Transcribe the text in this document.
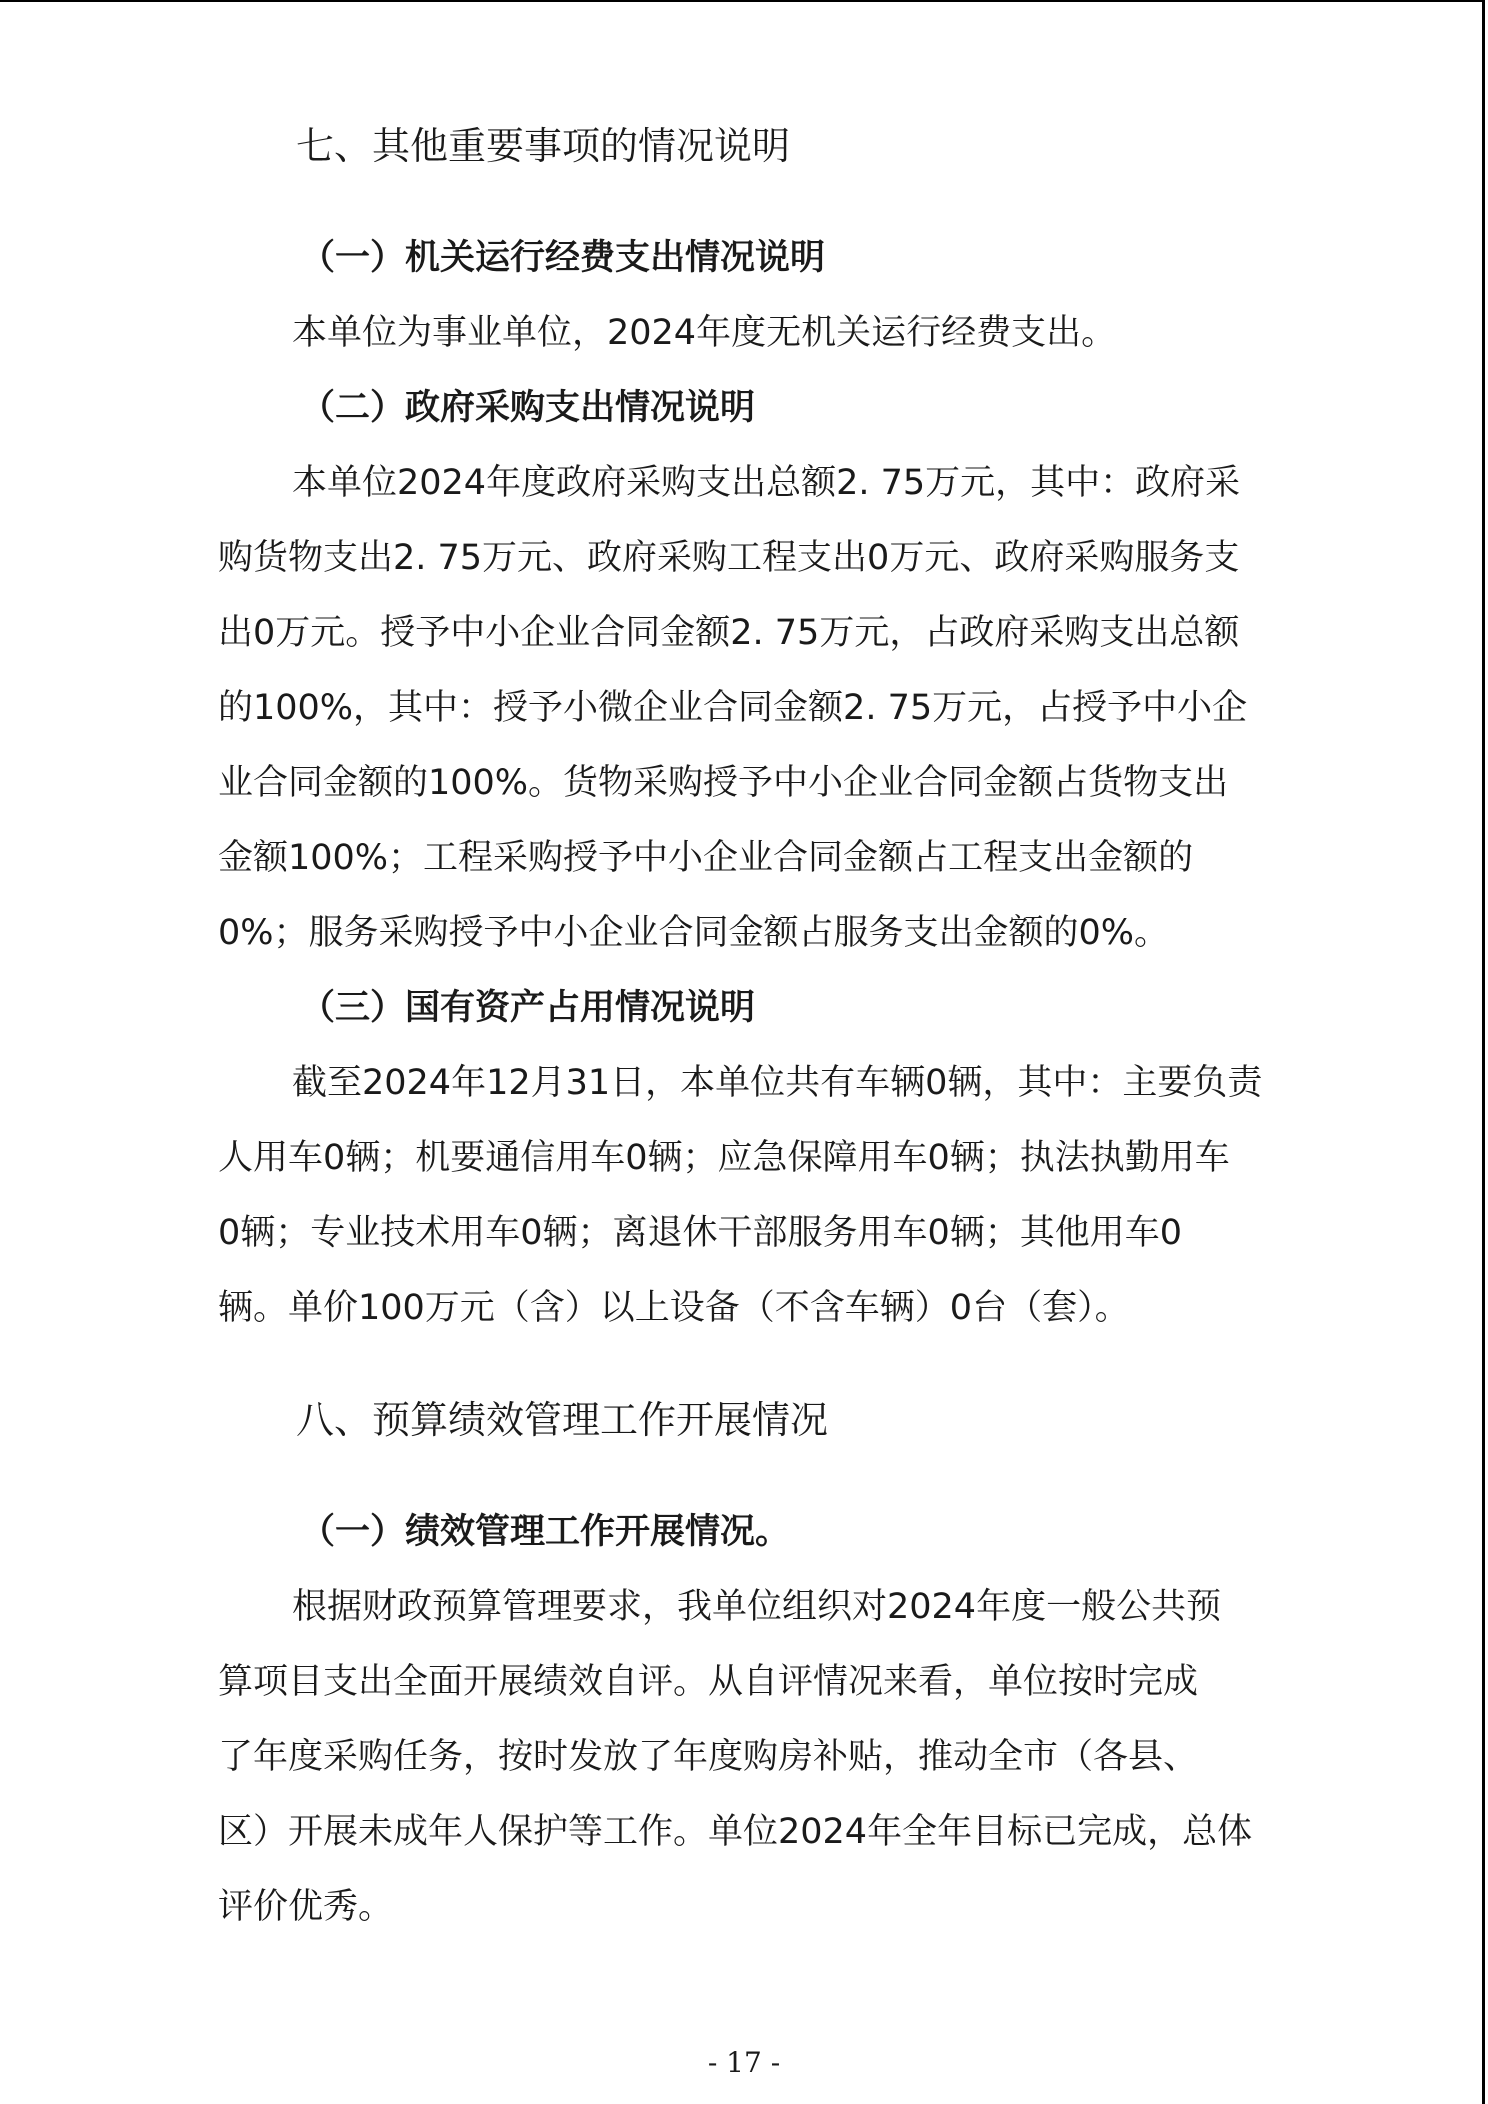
七、其他重要事项的情况说明
（一）机关运行经费支出情况说明
本单位为事业单位，2024年度无机关运行经费支出。
（二）政府采购支出情况说明
本单位2024年度政府采购支出总额2. 75万元，其中：政府采
购货物支出2. 75万元、政府采购工程支出0万元、政府采购服务支
出0万元。授予中小企业合同金额2. 75万元，占政府采购支出总额
的100%，其中：授予小微企业合同金额2. 75万元，占授予中小企
业合同金额的100%。货物采购授予中小企业合同金额占货物支出
金额100%；工程采购授予中小企业合同金额占工程支出金额的
0%；服务采购授予中小企业合同金额占服务支出金额的0%。
（三）国有资产占用情况说明
截至2024年12月31日，本单位共有车辆0辆，其中：主要负责
人用车0辆；机要通信用车0辆；应急保障用车0辆；执法执勤用车
0辆；专业技术用车0辆；离退休干部服务用车0辆；其他用车0
辆。单价100万元（含）以上设备（不含车辆）0台（套）。
八、预算绩效管理工作开展情况
（一）绩效管理工作开展情况。
根据财政预算管理要求，我单位组织对2024年度一般公共预
算项目支出全面开展绩效自评。从自评情况来看，单位按时完成
了年度采购任务，按时发放了年度购房补贴，推动全市（各县、
区）开展未成年人保护等工作。单位2024年全年目标已完成，总体
评价优秀。
- 17 -
